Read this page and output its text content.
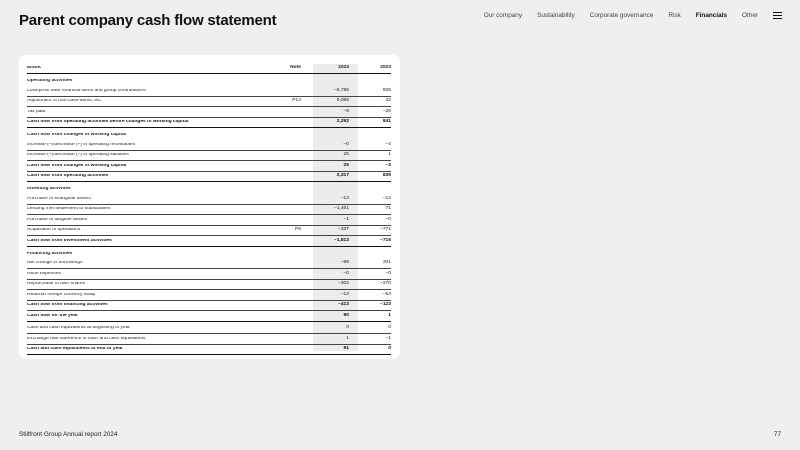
Parent company cash flow statement	Our company Sustainability Corporate governance Risk Financials Other
MSEK	Note	2024	2023
Operating activities
Loss/profit after financial items and group contributions	–6,785	826
Adjustment of non-cash-items, etc.	P14	9,086	42
Tax paid	–9	–26
Cash flow from operating activities before changes in working capital	2,292	841
Cash flow from changes in working capital
Increase (–)/decrease (+) in operating receivables	–0	–4
Increase (+)/decrease (–) in operating liabilities	25	1
Cash flow from changes in working capital	25	–3
Cash flow from operating activities	2,317	839
Investing activities
Purchase of intangible assets	–14	–14
Lending /net settlement to subsidiaries	–1,461	71
Purchase of tangible assets	–1	–0
Acquisition of operations	P8	–337	–771
Cash flow from investment activities	–1,813	–715
Financing activities
Net change in borrowings	–99	201
Issue expenses	–0	–0
Repurchase of own shares	–302	–270
Realized foreign currency swap	–12	–54
Cash flow from financing activities	–413	–123
Cash flow for the year	90	1
Cash and cash equivalents at beginning of year	0	0
Exchange rate difference in cash and cash equivalents	1	–1
Cash and cash equivalents at end of year	91	0
Stillfront Group Annual report 2024	77
